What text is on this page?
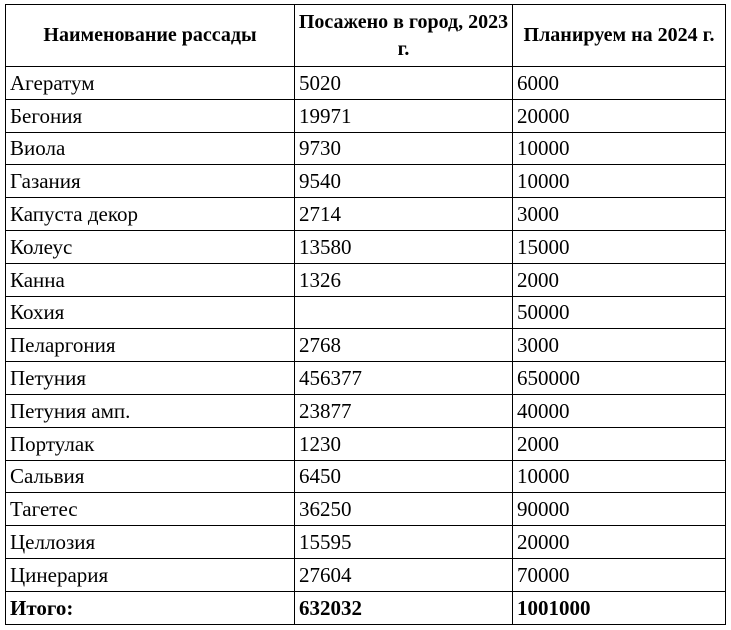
Наименование рассады	Посажено в город, 2023 г.	Планируем на 2024 г.
Агератум	5020	6000
Бегония	19971	20000
Виола	9730	10000
Газания	9540	10000
Капуста декор	2714	3000
Колеус	13580	15000
Канна	1326	2000
Кохия		50000
Пеларгония	2768	3000
Петуния	456377	650000
Петуния амп.	23877	40000
Портулак	1230	2000
Сальвия	6450	10000
Тагетес	36250	90000
Целлозия	15595	20000
Цинерария	27604	70000
Итого:	632032	1001000
